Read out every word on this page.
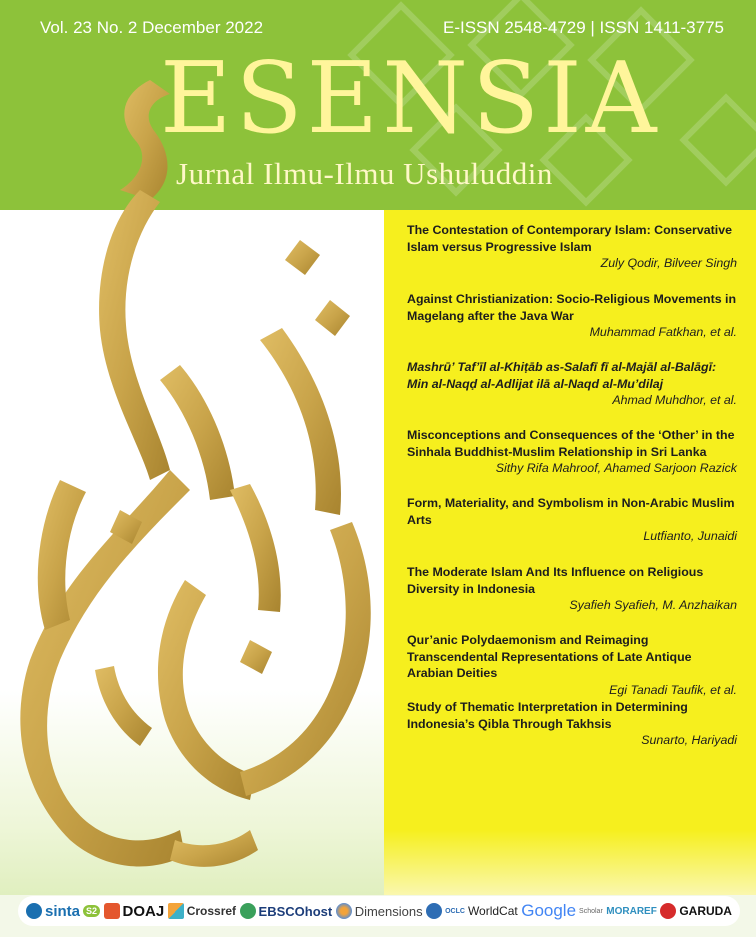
Vol. 23 No. 2 December 2022	E-ISSN 2548-4729 | ISSN 1411-3775
ESENSIA
Jurnal Ilmu-Ilmu Ushuluddin
The Contestation of Contemporary Islam: Conservative Islam versus Progressive Islam
Zuly Qodir, Bilveer Singh
Against Christianization: Socio-Religious Movements in Magelang after the Java War
Muhammad Fatkhan, et al.
Mashrū’ Taf’īl al-Khiṭāb as-Salafī fī al-Majāl al-Balāgī: Min al-Naqḍ al-Adlijat ilā al-Naqd al-Mu’dilaj
Ahmad Muhdhor, et al.
Misconceptions and Consequences of the ‘Other’ in the Sinhala Buddhist-Muslim Relationship in Sri Lanka
Sithy Rifa Mahroof, Ahamed Sarjoon Razick
Form, Materiality, and Symbolism in Non-Arabic Muslim Arts
Lutfianto, Junaidi
The Moderate Islam And Its Influence on Religious Diversity in Indonesia
Syafieh Syafieh, M. Anzhaikan
Qur’anic Polydaemonism and Reimaging Transcendental Representations of Late Antique Arabian Deities
Egi Tanadi Taufik, et al.
Study of Thematic Interpretation in Determining Indonesia’s Qibla Through Takhsis
Sunarto, Hariyadi
sinta S2 DOAJ Crossref EBSCOhost Dimensions	OCLC WorldCat Google Scholar MORAREF GARUDA
